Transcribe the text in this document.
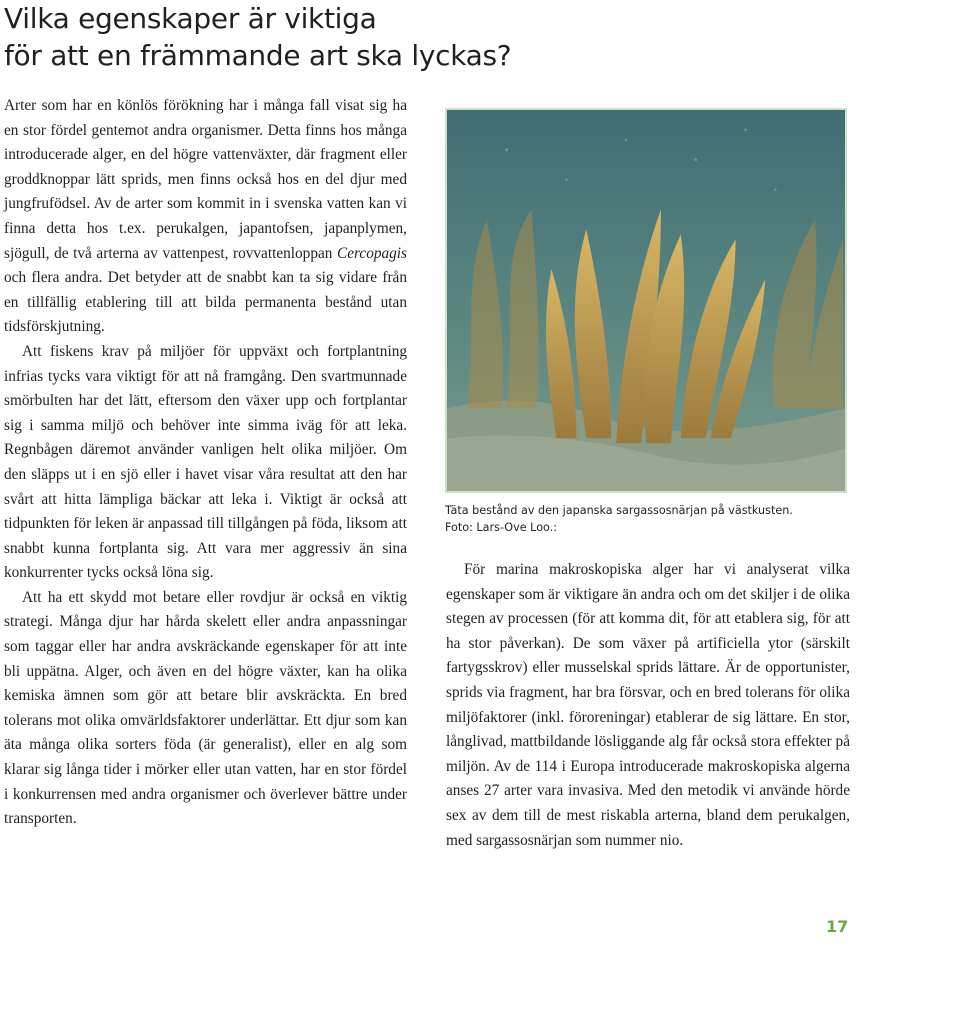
Vilka egenskaper är viktiga
för att en främmande art ska lyckas?

Arter som har en könlös förökning har i många fall visat sig ha en stor fördel gentemot andra organismer. Detta finns hos många introducerade alger, en del högre vattenväxter, där fragment eller groddknoppar lätt sprids, men finns också hos en del djur med jungfrufödsel. Av de arter som kommit in i svenska vatten kan vi finna detta hos t.ex. perukalgen, japantofsen, japanplymen, sjögull, de två arterna av vattenpest, rovvattenloppan Cercopagis och flera andra. Det betyder att de snabbt kan ta sig vidare från en tillfällig etablering till att bilda permanenta bestånd utan tidsförskjutning.

Att fiskens krav på miljöer för uppväxt och fortplantning infrias tycks vara viktigt för att nå framgång. Den svartmunnade smörbulten har det lätt, eftersom den växer upp och fortplantar sig i samma miljö och behöver inte simma iväg för att leka. Regnbågen däremot använder vanligen helt olika miljöer. Om den släpps ut i en sjö eller i havet visar våra resultat att den har svårt att hitta lämpliga bäckar att leka i. Viktigt är också att tidpunkten för leken är anpassad till tillgången på föda, liksom att snabbt kunna fortplanta sig. Att vara mer aggressiv än sina konkurrenter tycks också löna sig.

Att ha ett skydd mot betare eller rovdjur är också en viktig strategi. Många djur har hårda skelett eller andra anpassningar som taggar eller har andra avskräckande egenskaper för att inte bli uppätna. Alger, och även en del högre växter, kan ha olika kemiska ämnen som gör att betare blir avskräckta. En bred tolerans mot olika omvärldsfaktorer underlättar. Ett djur som kan äta många olika sorters föda (är generalist), eller en alg som klarar sig långa tider i mörker eller utan vatten, har en stor fördel i konkurrensen med andra organismer och överlever bättre under transporten.

Täta bestånd av den japanska sargassosnärjan på västkusten.
Foto: Lars-Ove Loo.:

För marina makroskopiska alger har vi analyserat vilka egenskaper som är viktigare än andra och om det skiljer i de olika stegen av processen (för att komma dit, för att etablera sig, för att ha stor påverkan). De som växer på artificiella ytor (särskilt fartygsskrov) eller musselskal sprids lättare. Är de opportunister, sprids via fragment, har bra försvar, och en bred tolerans för olika miljöfaktorer (inkl. föroreningar) etablerar de sig lättare. En stor, långlivad, mattbildande lösliggande alg får också stora effekter på miljön. Av de 114 i Europa introducerade makroskopiska algerna anses 27 arter vara invasiva. Med den metodik vi använde hörde sex av dem till de mest riskabla arterna, bland dem perukalgen, med sargassosnärjan som nummer nio.

17
